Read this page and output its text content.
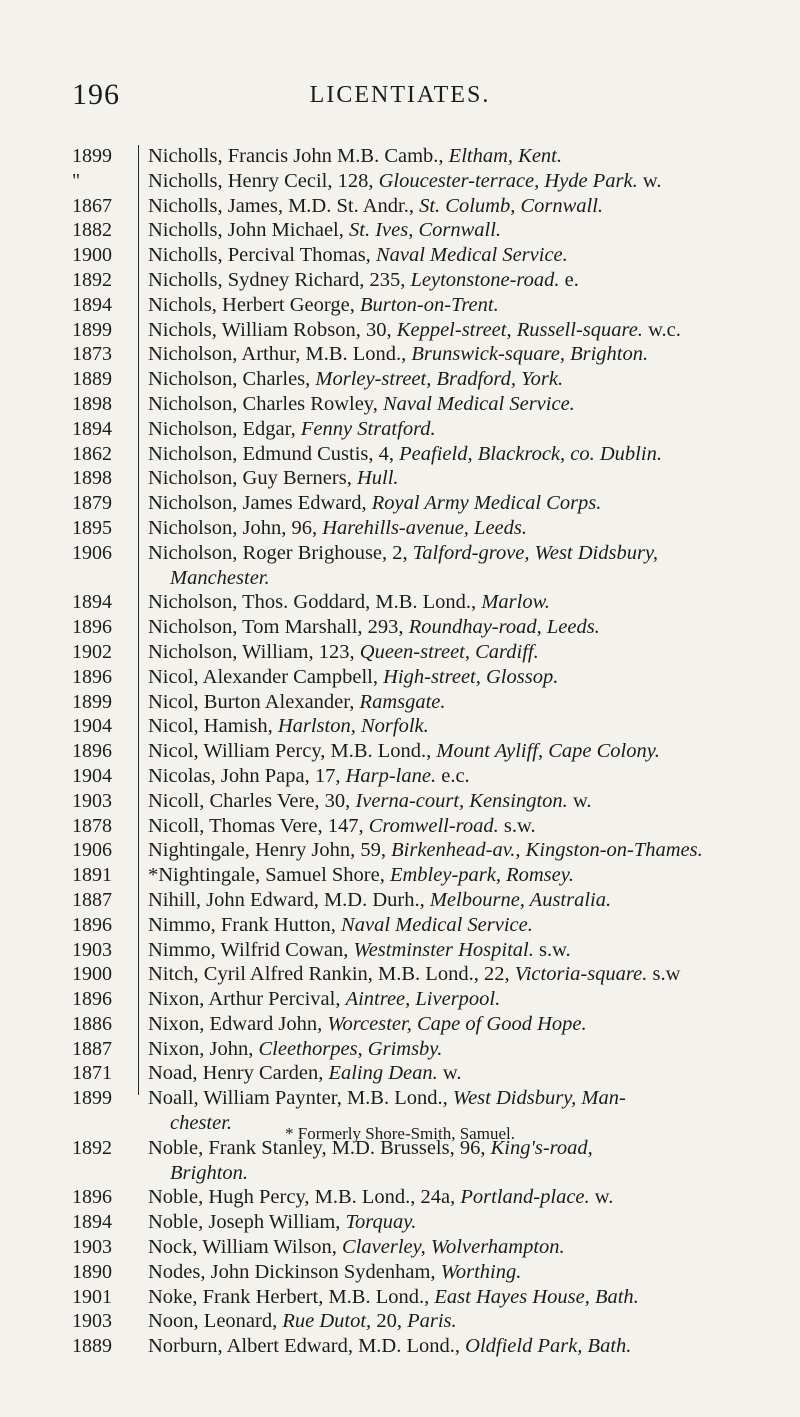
196	LICENTIATES.
1899	Nicholls, Francis John M.B. Camb., Eltham, Kent.
"	Nicholls, Henry Cecil, 128, Gloucester-terrace, Hyde Park. w.
1867	Nicholls, James, M.D. St. Andr., St. Columb, Cornwall.
1882	Nicholls, John Michael, St. Ives, Cornwall.
1900	Nicholls, Percival Thomas, Naval Medical Service.
1892	Nicholls, Sydney Richard, 235, Leytonstone-road. e.
1894	Nichols, Herbert George, Burton-on-Trent.
1899	Nichols, William Robson, 30, Keppel-street, Russell-square. w.c.
1873	Nicholson, Arthur, M.B. Lond., Brunswick-square, Brighton.
1889	Nicholson, Charles, Morley-street, Bradford, York.
1898	Nicholson, Charles Rowley, Naval Medical Service.
1894	Nicholson, Edgar, Fenny Stratford.
1862	Nicholson, Edmund Custis, 4, Peafield, Blackrock, co. Dublin.
1898	Nicholson, Guy Berners, Hull.
1879	Nicholson, James Edward, Royal Army Medical Corps.
1895	Nicholson, John, 96, Harehills-avenue, Leeds.
1906	Nicholson, Roger Brighouse, 2, Talford-grove, West Didsbury,
Manchester.
1894	Nicholson, Thos. Goddard, M.B. Lond., Marlow.
1896	Nicholson, Tom Marshall, 293, Roundhay-road, Leeds.
1902	Nicholson, William, 123, Queen-street, Cardiff.
1896	Nicol, Alexander Campbell, High-street, Glossop.
1899	Nicol, Burton Alexander, Ramsgate.
1904	Nicol, Hamish, Harlston, Norfolk.
1896	Nicol, William Percy, M.B. Lond., Mount Ayliff, Cape Colony.
1904	Nicolas, John Papa, 17, Harp-lane. e.c.
1903	Nicoll, Charles Vere, 30, Iverna-court, Kensington. w.
1878	Nicoll, Thomas Vere, 147, Cromwell-road. s.w.
1906	Nightingale, Henry John, 59, Birkenhead-av., Kingston-on-Thames.
1891	*Nightingale, Samuel Shore, Embley-park, Romsey.
1887	Nihill, John Edward, M.D. Durh., Melbourne, Australia.
1896	Nimmo, Frank Hutton, Naval Medical Service.
1903	Nimmo, Wilfrid Cowan, Westminster Hospital. s.w.
1900	Nitch, Cyril Alfred Rankin, M.B. Lond., 22, Victoria-square. s.w
1896	Nixon, Arthur Percival, Aintree, Liverpool.
1886	Nixon, Edward John, Worcester, Cape of Good Hope.
1887	Nixon, John, Cleethorpes, Grimsby.
1871	Noad, Henry Carden, Ealing Dean. w.
1899	Noall, William Paynter, M.B. Lond., West Didsbury, Man-
chester.
1892	Noble, Frank Stanley, M.D. Brussels, 96, King's-road,
Brighton.
1896	Noble, Hugh Percy, M.B. Lond., 24a, Portland-place. w.
1894	Noble, Joseph William, Torquay.
1903	Nock, William Wilson, Claverley, Wolverhampton.
1890	Nodes, John Dickinson Sydenham, Worthing.
1901	Noke, Frank Herbert, M.B. Lond., East Hayes House, Bath.
1903	Noon, Leonard, Rue Dutot, 20, Paris.
1889	Norburn, Albert Edward, M.D. Lond., Oldfield Park, Bath.
* Formerly Shore-Smith, Samuel.
